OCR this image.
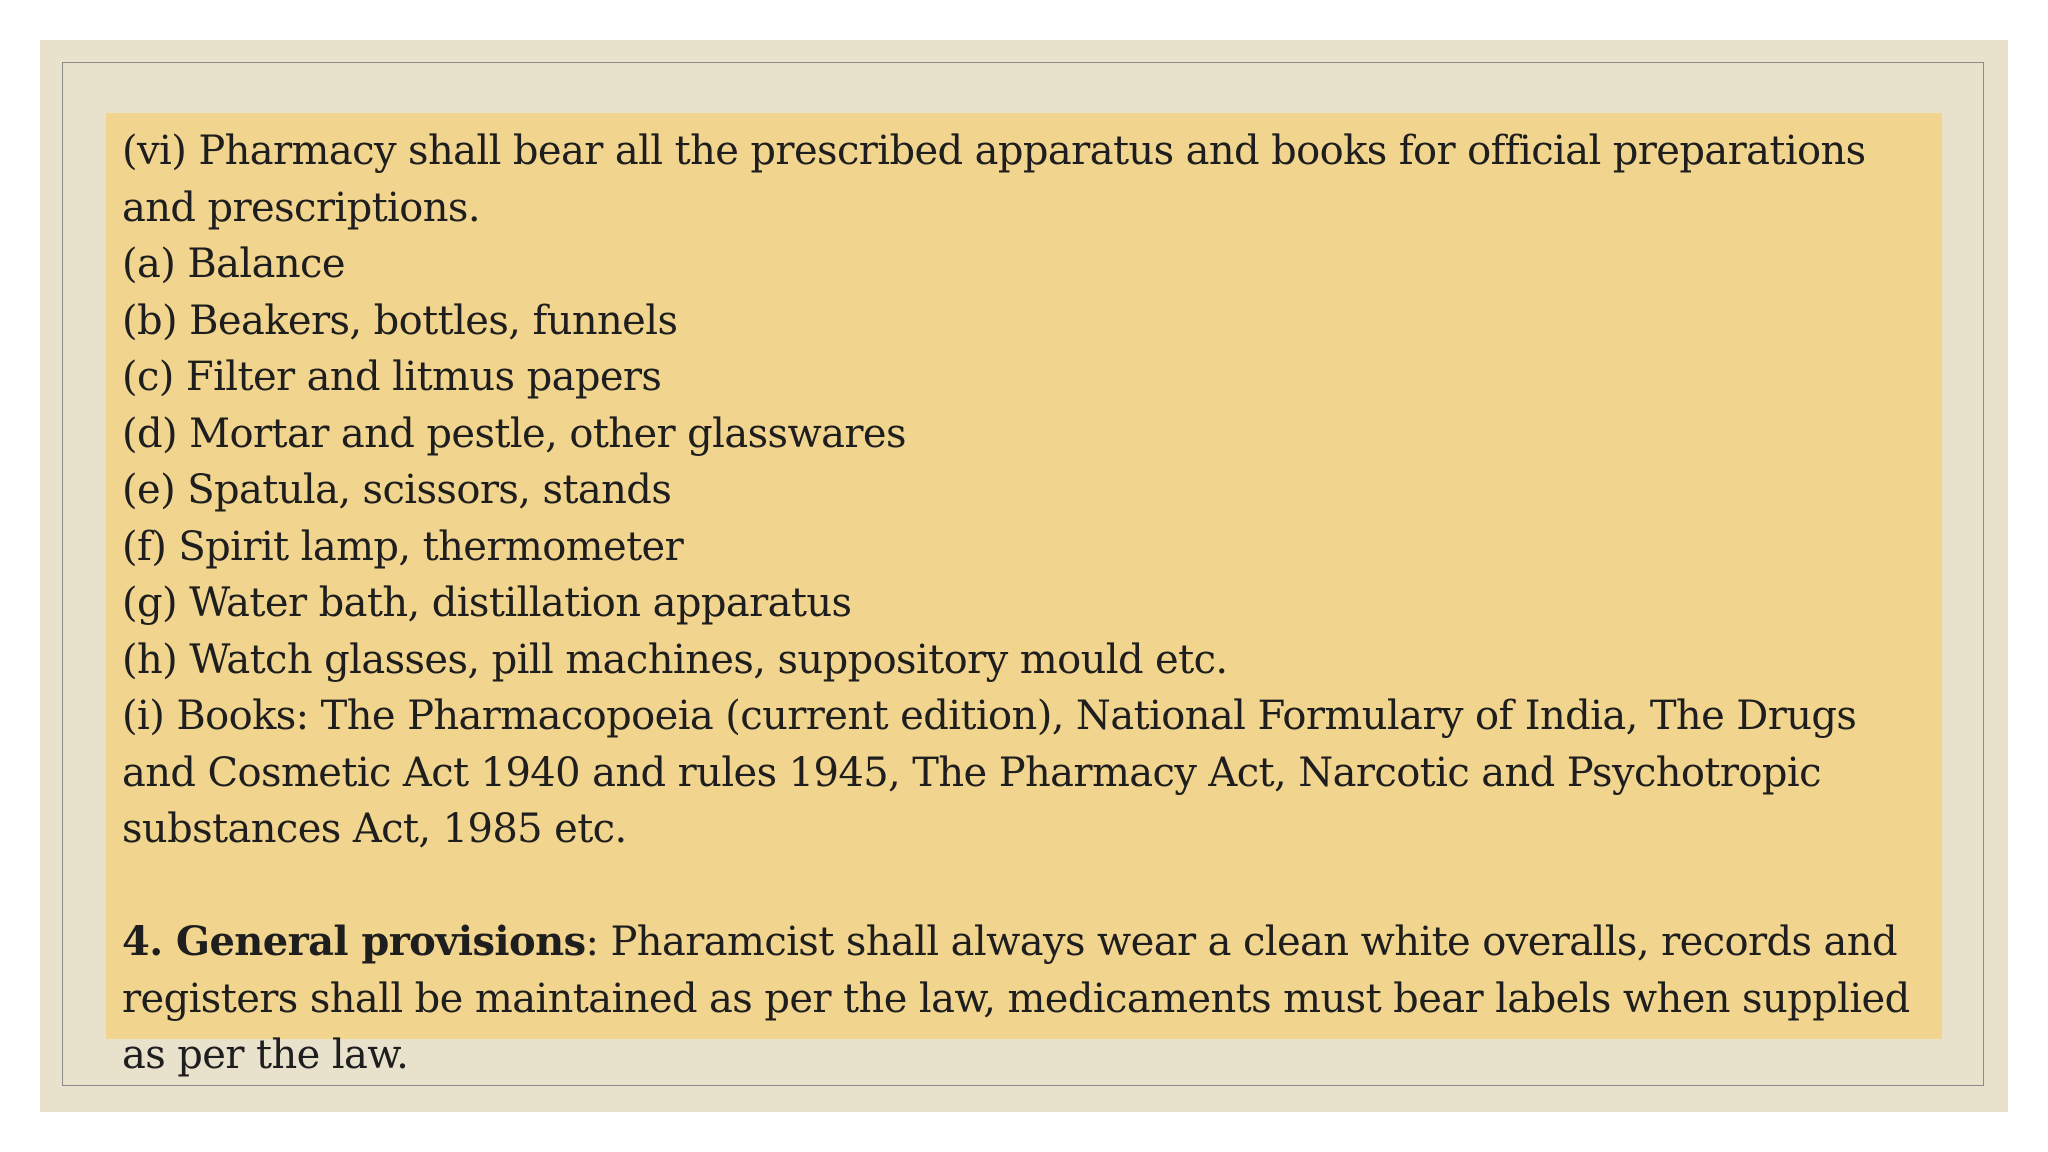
(vi) Pharmacy shall bear all the prescribed apparatus and books for official preparations and prescriptions.
(a) Balance
(b) Beakers, bottles, funnels
(c) Filter and litmus papers
(d) Mortar and pestle, other glasswares
(e) Spatula, scissors, stands
(f) Spirit lamp, thermometer
(g) Water bath, distillation apparatus
(h) Watch glasses, pill machines, suppository mould etc.
(i) Books: The Pharmacopoeia (current edition), National Formulary of India, The Drugs and Cosmetic Act 1940 and rules 1945, The Pharmacy Act, Narcotic and Psychotropic substances Act, 1985 etc.
4. General provisions: Pharamcist shall always wear a clean white overalls, records and registers shall be maintained as per the law, medicaments must bear labels when supplied as per the law.
